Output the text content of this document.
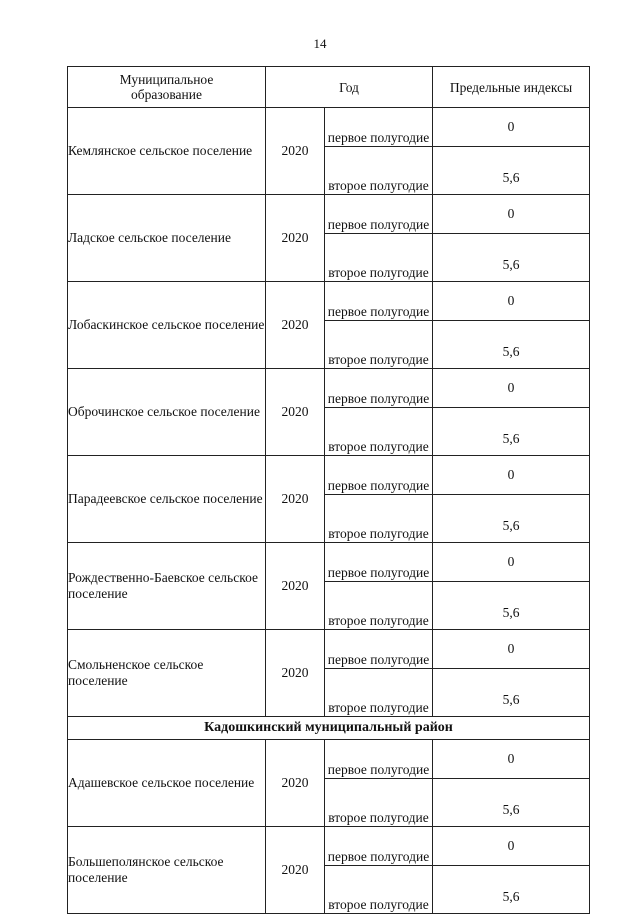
14
Муниципальное образование	Год		Предельные индексы
Кемлянское сельское поселение	2020	первое полугодие	0
		второе полугодие	5,6
Ладское сельское поселение	2020	первое полугодие	0
		второе полугодие	5,6
Лобаскинское сельское поселение	2020	первое полугодие	0
		второе полугодие	5,6
Оброчинское сельское поселение	2020	первое полугодие	0
		второе полугодие	5,6
Парадеевское сельское поселение	2020	первое полугодие	0
		второе полугодие	5,6
Рождественно-Баевское сельское поселение	2020	первое полугодие	0
		второе полугодие	5,6
Смольненское сельское поселение	2020	первое полугодие	0
		второе полугодие	5,6
Кадошкинский муниципальный район			
Адашевское сельское поселение	2020	первое полугодие	0
		второе полугодие	5,6
Большеполянское сельское поселение	2020	первое полугодие	0
		второе полугодие	5,6
